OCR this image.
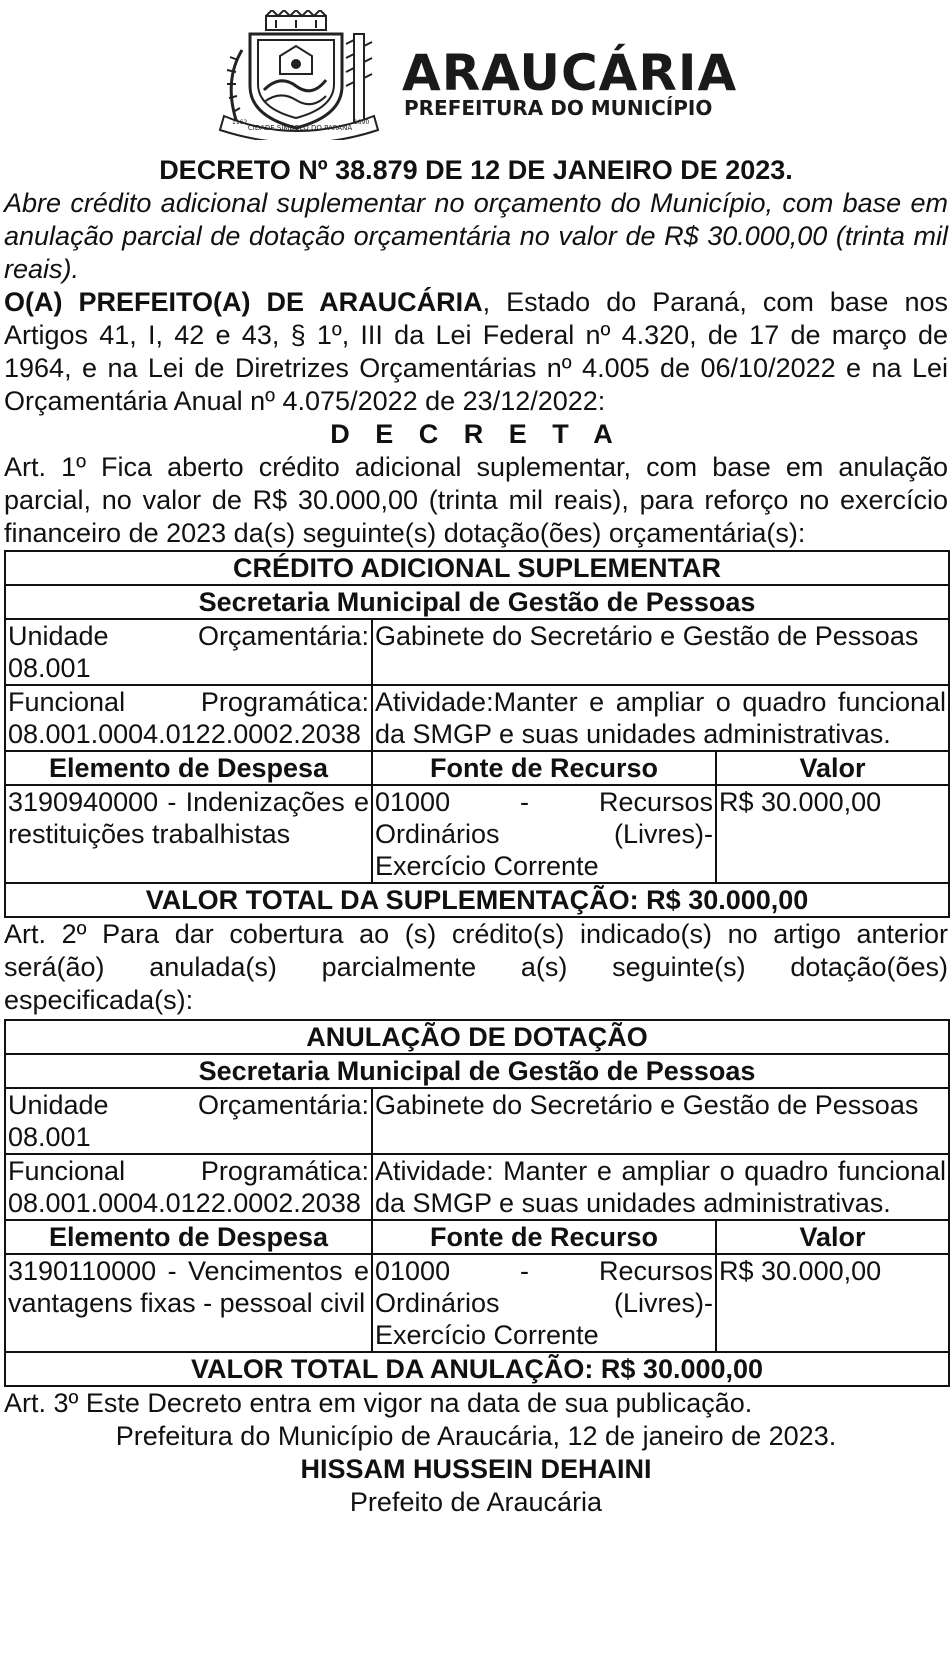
CIDADE SÍMBOLO DO PARANÁ
1162	1890
ARAUCÁRIA
PREFEITURA DO MUNICÍPIO
DECRETO Nº 38.879 DE 12 DE JANEIRO DE 2023.
Abre crédito adicional suplementar no orçamento do Município, com base em anulação parcial de dotação orçamentária no valor de R$ 30.000,00 (trinta mil reais).
O(A) PREFEITO(A) DE ARAUCÁRIA, Estado do Paraná, com base nos Artigos 41, I, 42 e 43, § 1º, III da Lei Federal nº 4.320, de 17 de março de 1964, e na Lei de Diretrizes Orçamentárias nº 4.005 de 06/10/2022 e na Lei Orçamentária Anual nº 4.075/2022 de 23/12/2022:
D E C R E T A
Art. 1º Fica aberto crédito adicional suplementar, com base em anulação parcial, no valor de R$ 30.000,00 (trinta mil reais), para reforço no exercício financeiro de 2023 da(s) seguinte(s) dotação(ões) orçamentária(s):
CRÉDITO ADICIONAL SUPLEMENTAR		
Secretaria Municipal de Gestão de Pessoas		

Unidade Orçamentária:
08.001	Gabinete do Secretário e Gestão de Pessoas	

Funcional Programática:
08.001.0004.0122.0002.2038	Atividade:Manter e ampliar o quadro funcional da SMGP e suas unidades administrativas.	
Elemento de Despesa	Fonte de Recurso	Valor
3190940000 - Indenizações e restituições trabalhistas	01000 - Recursos Ordinários (Livres)- Exercício Corrente	R$ 30.000,00
VALOR TOTAL DA SUPLEMENTAÇÃO: R$ 30.000,00		
Art. 2º Para dar cobertura ao (s) crédito(s) indicado(s) no artigo anterior será(ão) anulada(s) parcialmente a(s) seguinte(s) dotação(ões) especificada(s):
ANULAÇÃO DE DOTAÇÃO		
Secretaria Municipal de Gestão de Pessoas		

Unidade Orçamentária:
08.001	Gabinete do Secretário e Gestão de Pessoas	

Funcional Programática:
08.001.0004.0122.0002.2038	Atividade: Manter e ampliar o quadro funcional da SMGP e suas unidades administrativas.	
Elemento de Despesa	Fonte de Recurso	Valor
3190110000 - Vencimentos e vantagens fixas - pessoal civil	01000 - Recursos Ordinários (Livres)- Exercício Corrente	R$ 30.000,00
VALOR TOTAL DA ANULAÇÃO: R$ 30.000,00		
Art. 3º Este Decreto entra em vigor na data de sua publicação.
Prefeitura do Município de Araucária, 12 de janeiro de 2023.
HISSAM HUSSEIN DEHAINI
Prefeito de Araucária
